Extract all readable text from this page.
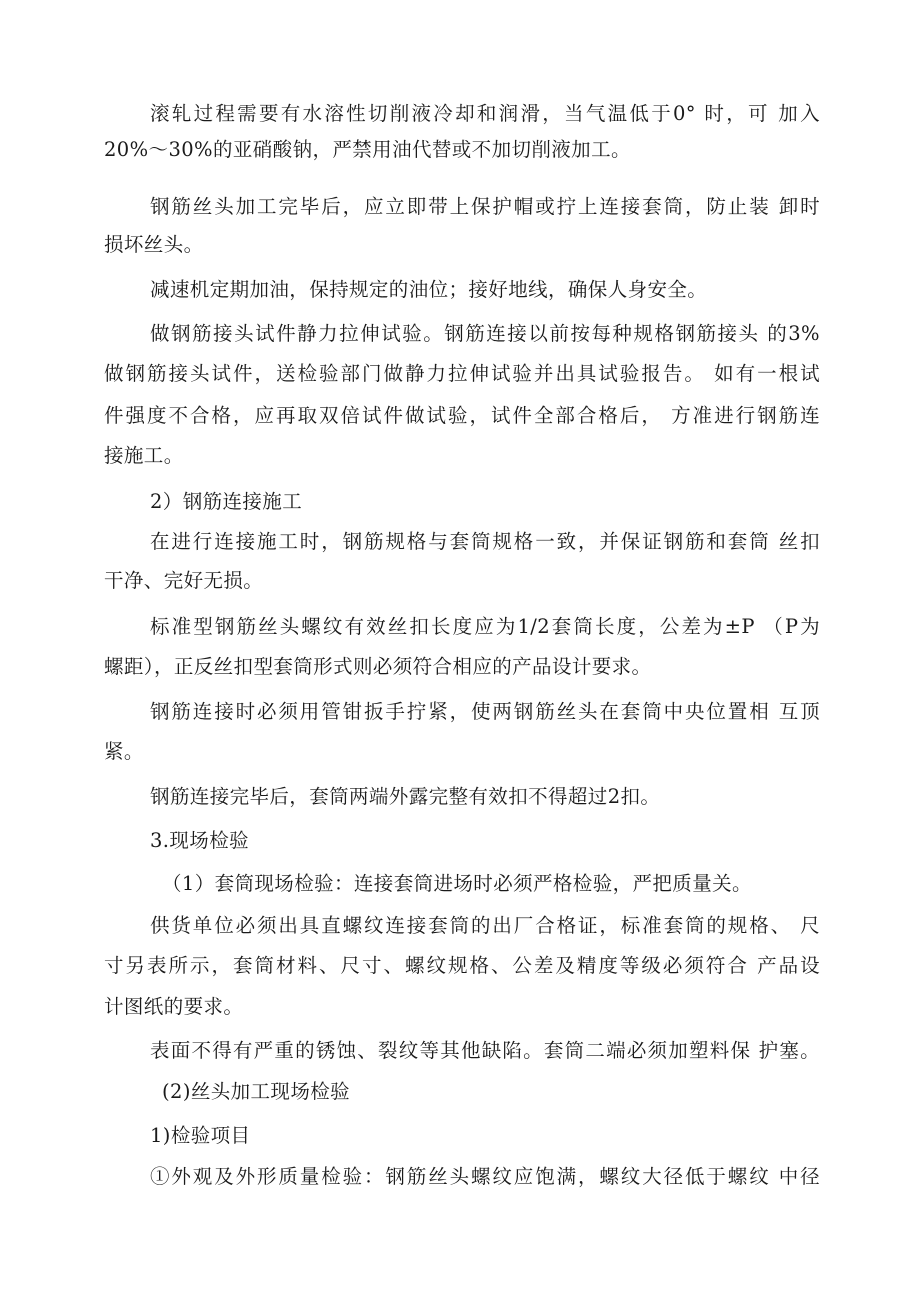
滚轧过程需要有水溶性切削液冷却和润滑，当气温低于0° 时，可 加入
20%～30%的亚硝酸钠，严禁用油代替或不加切削液加工。
钢筋丝头加工完毕后，应立即带上保护帽或拧上连接套筒，防止装 卸时
损坏丝头。
减速机定期加油，保持规定的油位；接好地线，确保人身安全。
做钢筋接头试件静力拉伸试验。钢筋连接以前按每种规格钢筋接头 的3%
做钢筋接头试件，送检验部门做静力拉伸试验并出具试验报告。 如有一根试
件强度不合格，应再取双倍试件做试验，试件全部合格后， 方准进行钢筋连
接施工。
2）钢筋连接施工
在进行连接施工时，钢筋规格与套筒规格一致，并保证钢筋和套筒 丝扣
干净、完好无损。
标准型钢筋丝头螺纹有效丝扣长度应为1/2套筒长度，公差为±P （P为
螺距），正反丝扣型套筒形式则必须符合相应的产品设计要求。
钢筋连接时必须用管钳扳手拧紧，使两钢筋丝头在套筒中央位置相 互顶
紧。
钢筋连接完毕后，套筒两端外露完整有效扣不得超过2扣。
3.现场检验
（1）套筒现场检验：连接套筒进场时必须严格检验，严把质量关。
供货单位必须出具直螺纹连接套筒的出厂合格证，标准套筒的规格、 尺
寸另表所示，套筒材料、尺寸、螺纹规格、公差及精度等级必须符合 产品设
计图纸的要求。
表面不得有严重的锈蚀、裂纹等其他缺陷。套筒二端必须加塑料保 护塞。
(2)丝头加工现场检验
1)检验项目
①外观及外形质量检验：钢筋丝头螺纹应饱满，螺纹大径低于螺纹 中径
